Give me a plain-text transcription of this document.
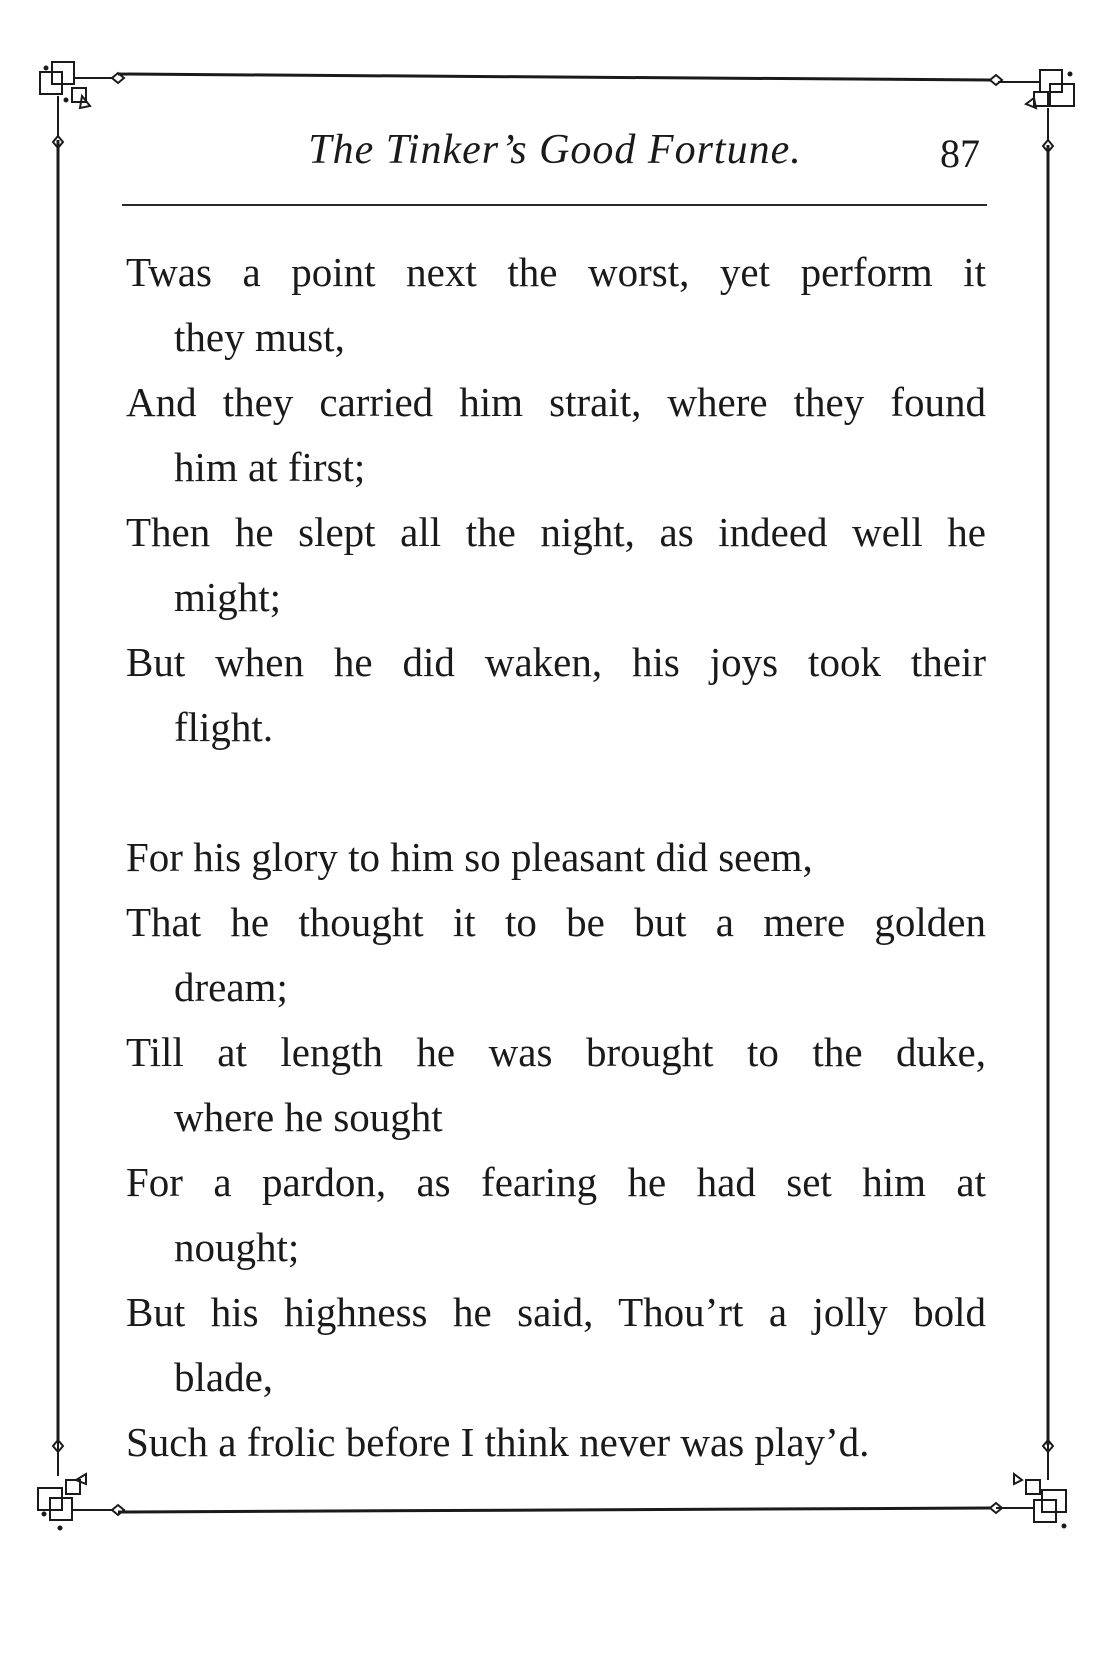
The Tinker’s Good Fortune.	87
Twas a point next the worst, yet perform it
they must,
And they carried him strait, where they found
him at first;
Then he slept all the night, as indeed well he
might;
But when he did waken, his joys took their
flight.
For his glory to him so pleasant did seem,
That he thought it to be but a mere golden
dream;
Till at length he was brought to the duke,
where he sought
For a pardon, as fearing he had set him at
nought;
But his highness he said, Thou’rt a jolly bold
blade,
Such a frolic before I think never was play’d.
